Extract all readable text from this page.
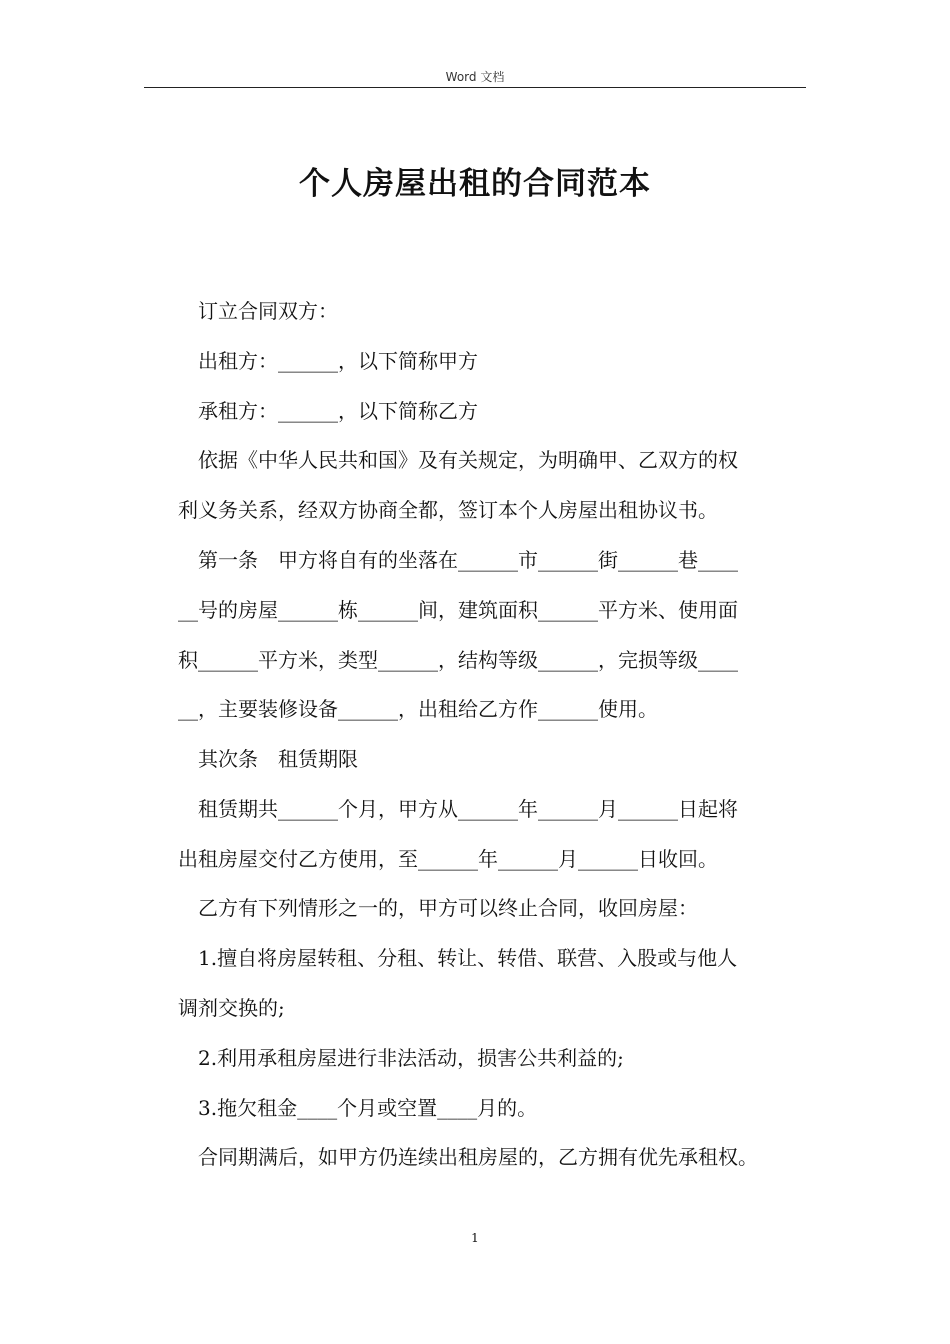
Word 文档
个人房屋出租的合同范本
　订立合同双方：
　出租方：______，以下简称甲方
　承租方：______，以下简称乙方
　依据《中华人民共和国》及有关规定，为明确甲、乙双方的权
利义务关系，经双方协商全都，签订本个人房屋出租协议书。
　第一条　甲方将自有的坐落在______市______街______巷____
__号的房屋______栋______间，建筑面积______平方米、使用面
积______平方米，类型______，结构等级______，完损等级____
__，主要装修设备______，出租给乙方作______使用。
　其次条　租赁期限
　租赁期共______个月，甲方从______年______月______日起将
出租房屋交付乙方使用，至______年______月______日收回。
　乙方有下列情形之一的，甲方可以终止合同，收回房屋：
　1.擅自将房屋转租、分租、转让、转借、联营、入股或与他人
调剂交换的;
　2.利用承租房屋进行非法活动，损害公共利益的;
　3.拖欠租金____个月或空置____月的。
　合同期满后，如甲方仍连续出租房屋的，乙方拥有优先承租权。
1
